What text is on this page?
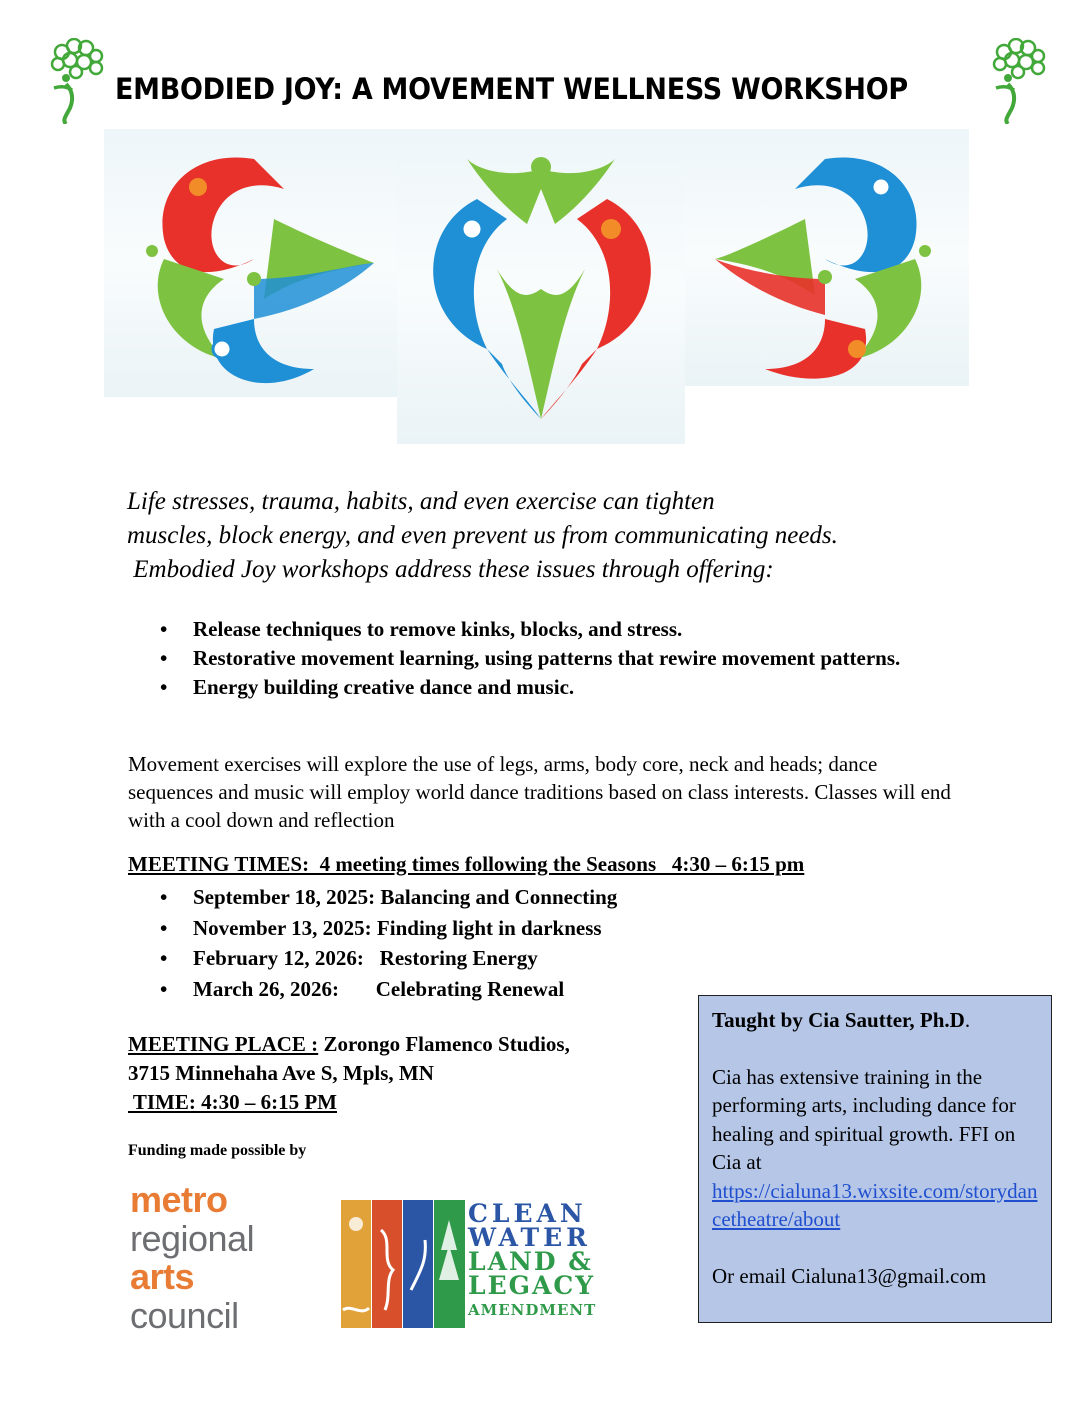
EMBODIED JOY: A MOVEMENT WELLNESS WORKSHOP
Life stresses, trauma, habits, and even exercise can tighten
muscles, block energy, and even prevent us from communicating needs.
Embodied Joy workshops address these issues through offering:
• Release techniques to remove kinks, blocks, and stress.
• Restorative movement learning, using patterns that rewire movement patterns.
• Energy building creative dance and music.
Movement exercises will explore the use of legs, arms, body core, neck and heads; dance sequences and music will employ world dance traditions based on class interests. Classes will end with a cool down and reflection
MEETING TIMES:  4 meeting times following the Seasons   4:30 – 6:15 pm
• September 18, 2025: Balancing and Connecting
• November 13, 2025: Finding light in darkness
• February 12, 2026: Restoring Energy
• March 26, 2026: Celebrating Renewal
MEETING PLACE : Zorongo Flamenco Studios,
3715 Minnehaha Ave S, Mpls, MN
TIME: 4:30 – 6:15 PM
Funding made possible by
metro
regional
arts
council
CLEAN
WATER
LAND &
LEGACY
AMENDMENT
Taught by Cia Sautter, Ph.D.
Cia has extensive training in the performing arts, including dance for healing and spiritual growth. FFI on Cia at
https://cialuna13.wixsite.com/storydancetheatre/about
Or email Cialuna13@gmail.com
